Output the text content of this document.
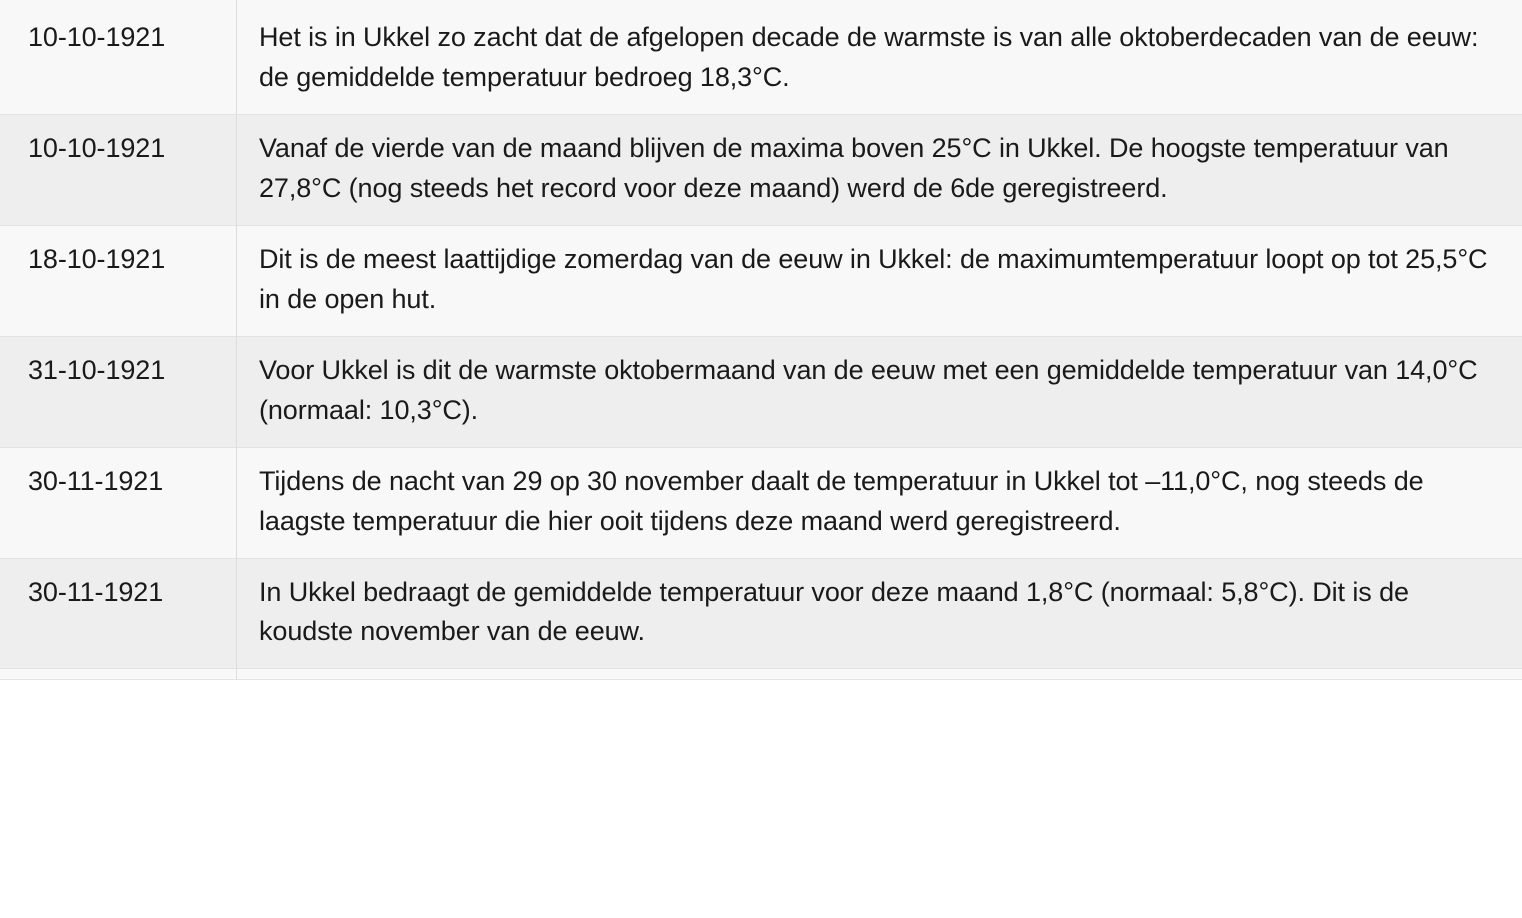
10-10-1921	Het is in Ukkel zo zacht dat de afgelopen decade de warmste is van alle oktoberdecaden van de eeuw: de gemiddelde temperatuur bedroeg 18,3°C.
10-10-1921	Vanaf de vierde van de maand blijven de maxima boven 25°C in Ukkel. De hoogste temperatuur van 27,8°C (nog steeds het record voor deze maand) werd de 6de geregistreerd.
18-10-1921	Dit is de meest laattijdige zomerdag van de eeuw in Ukkel: de maximumtemperatuur loopt op tot 25,5°C in de open hut.
31-10-1921	Voor Ukkel is dit de warmste oktobermaand van de eeuw met een gemiddelde temperatuur van 14,0°C (normaal: 10,3°C).
30-11-1921	Tijdens de nacht van 29 op 30 november daalt de temperatuur in Ukkel tot –11,0°C, nog steeds de laagste temperatuur die hier ooit tijdens deze maand werd geregistreerd.
30-11-1921	In Ukkel bedraagt de gemiddelde temperatuur voor deze maand 1,8°C (normaal: 5,8°C). Dit is de koudste november van de eeuw.
